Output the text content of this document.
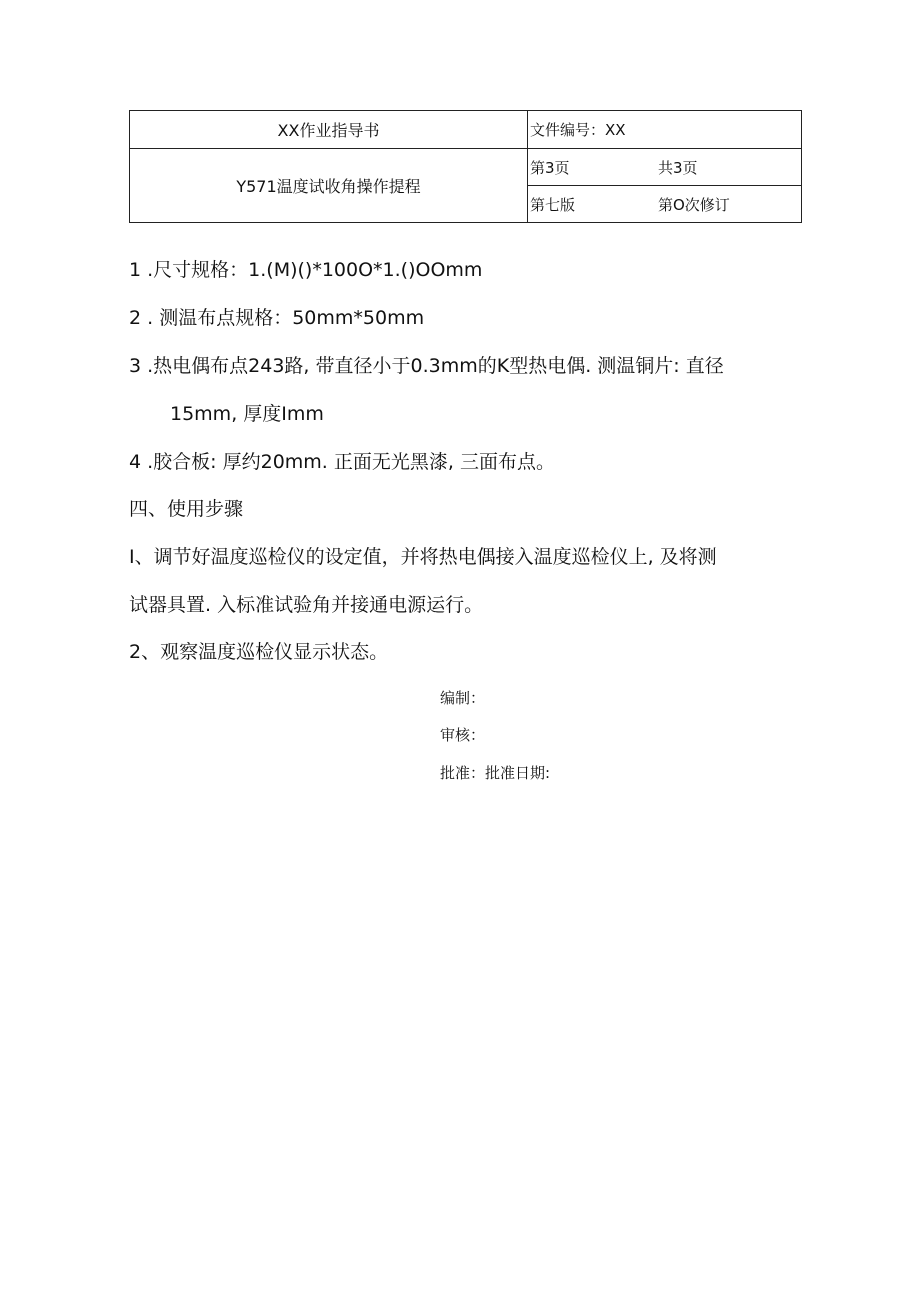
XX作业指导书	文件编号：XX
Y571温度试收角操作提程	第3页 共3页

	第七版 第O次修订
1 .尺寸规格：1.(M)()*100O*1.()OOmm
2 . 测温布点规格：50mm*50mm
3 .热电偶布点243路, 带直径小于0.3mm的K型热电偶. 测温铜片: 直径
15mm, 厚度Imm
4 .胶合板: 厚约20mm. 正面无光黑漆, 三面布点。
四、使用步骤
I、调节好温度巡检仪的设定值，并将热电偶接入温度巡检仪上, 及将测
试器具置. 入标准试验角并接通电源运行。
2、观察温度巡检仪显示状态。
编制：
审核：
批准：批准日期:
